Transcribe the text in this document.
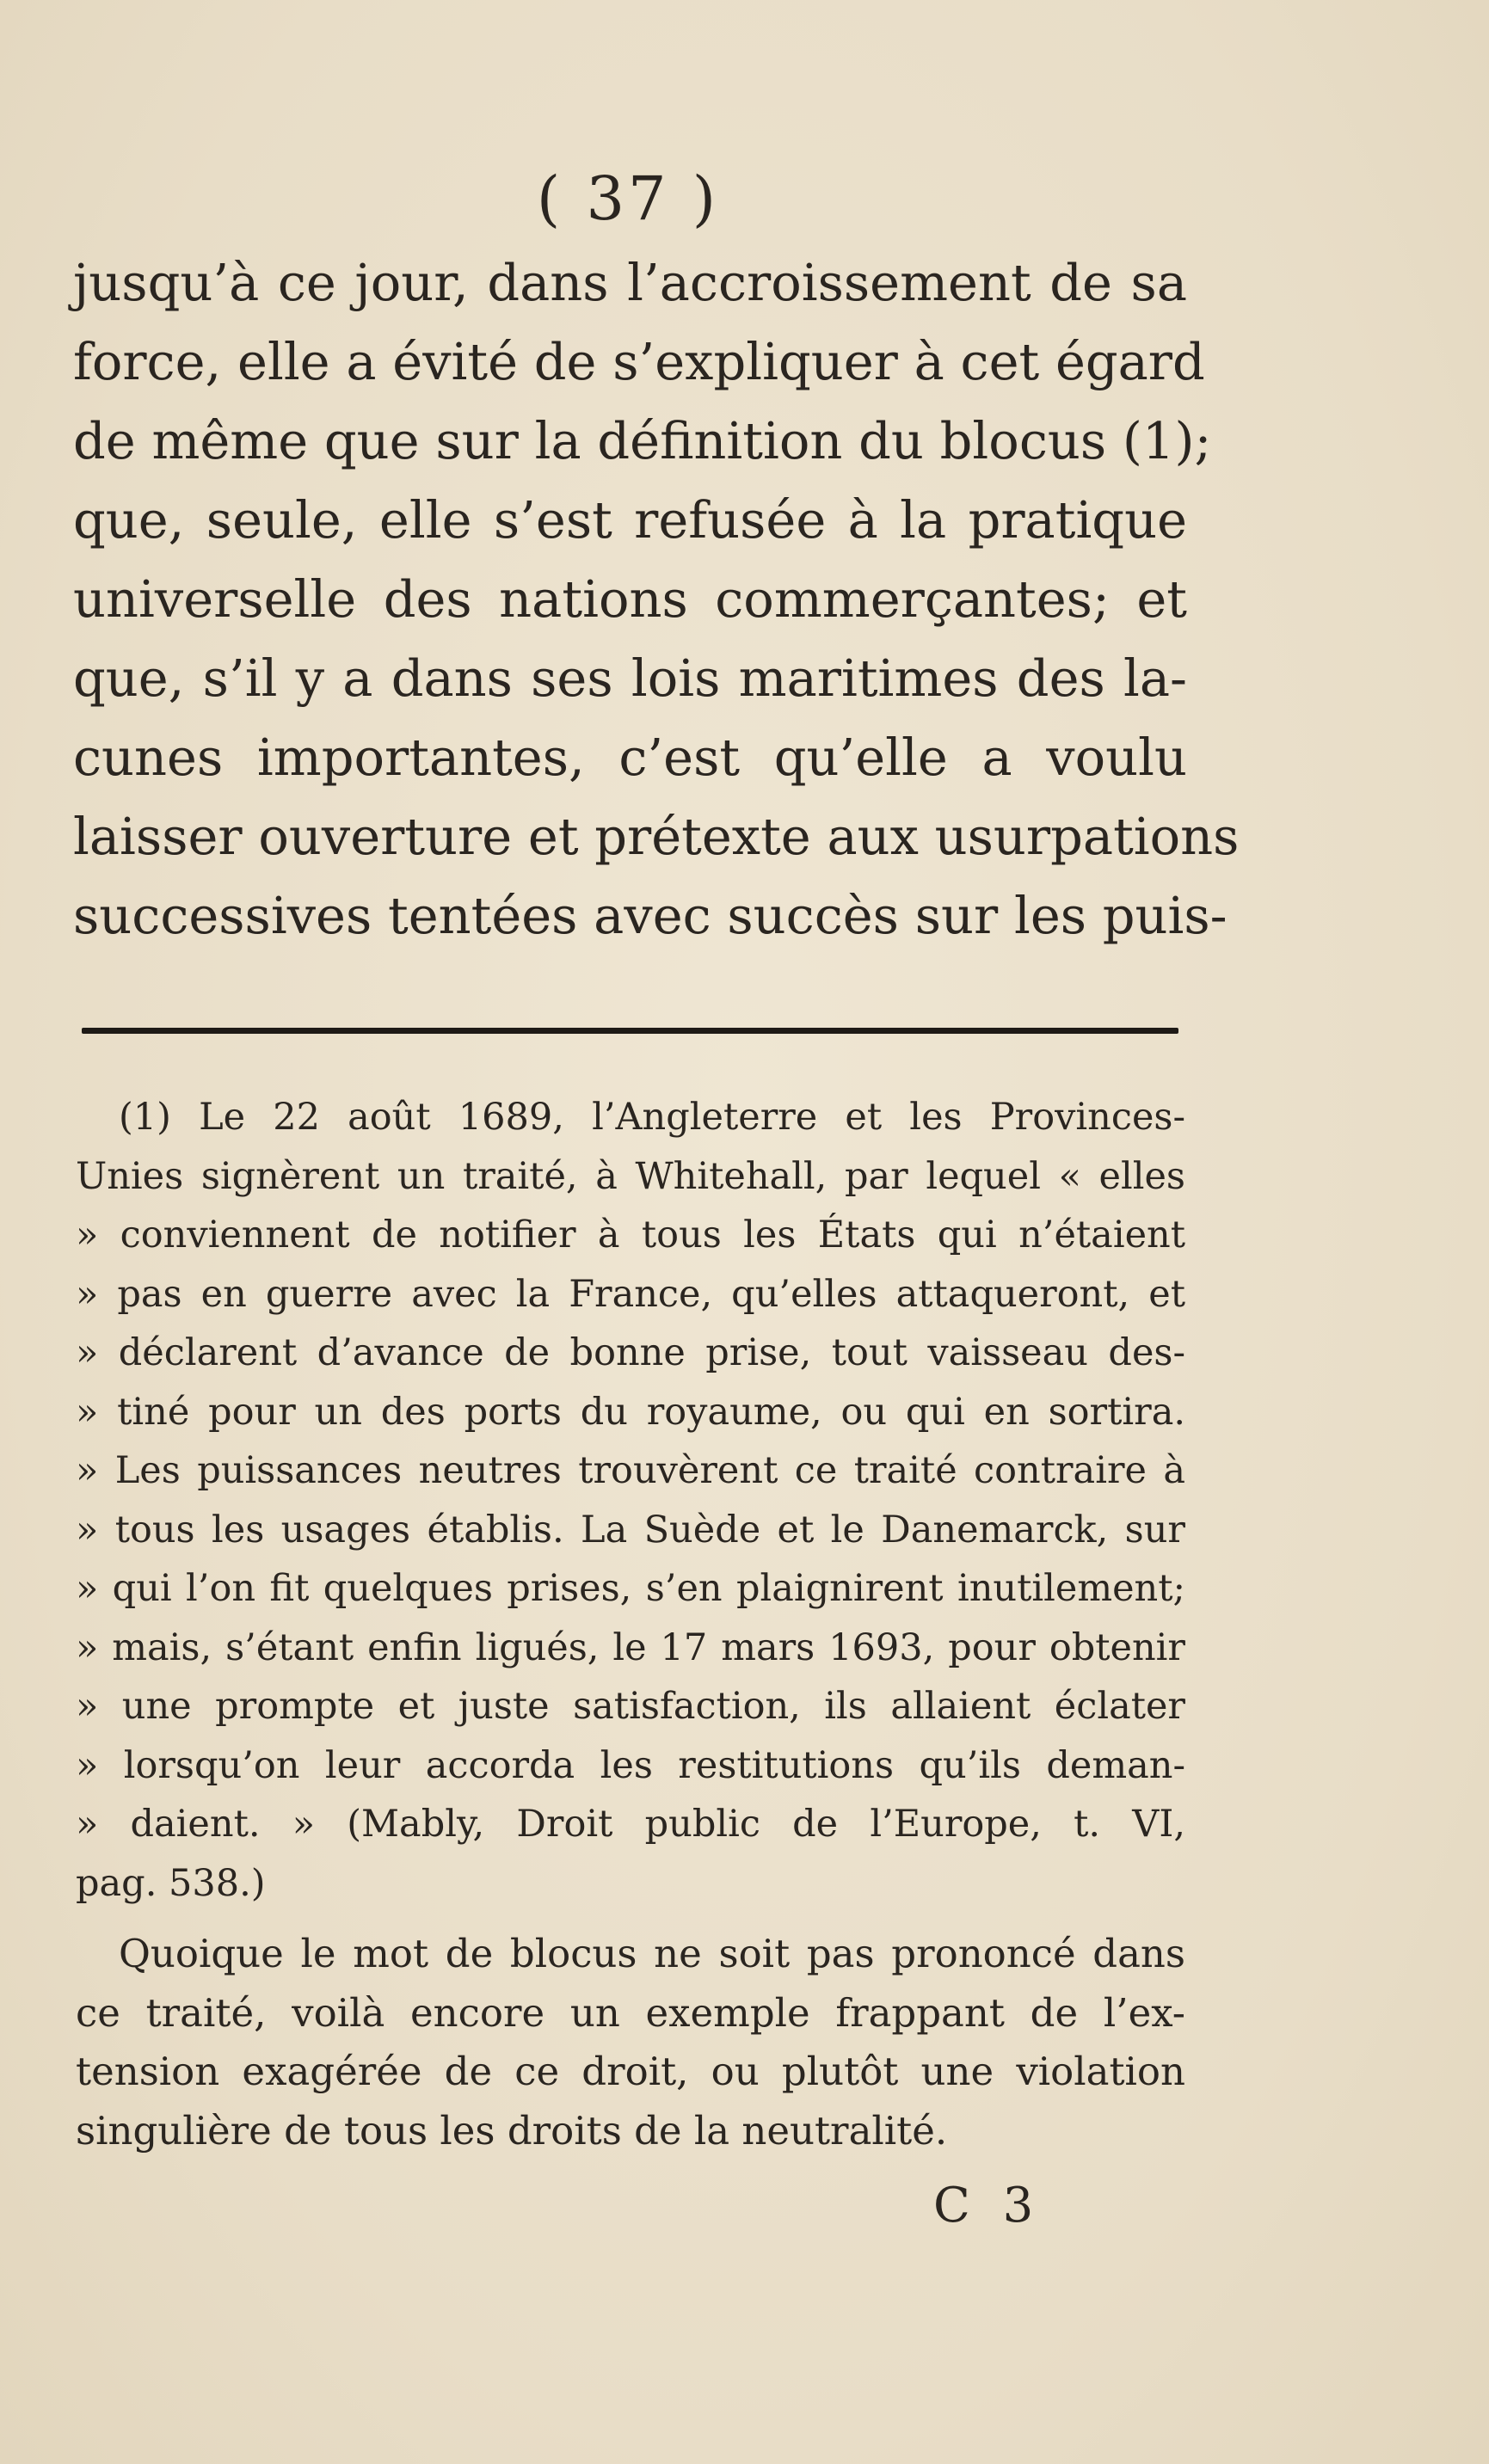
( 37 )
jusqu’à ce jour, dans l’accroissement de sa
force, elle a évité de s’expliquer à cet égard
de même que sur la définition du blocus (1);
que, seule, elle s’est refusée à la pratique
universelle des nations commerçantes; et
que, s’il y a dans ses lois maritimes des la-
cunes importantes, c’est qu’elle a voulu
laisser ouverture et prétexte aux usurpations
successives tentées avec succès sur les puis-
(1) Le 22 août 1689, l’Angleterre et les Provinces-
Unies signèrent un traité, à Whitehall, par lequel « elles
» conviennent de notifier à tous les États qui n’étaient
» pas en guerre avec la France, qu’elles attaqueront, et
» déclarent d’avance de bonne prise, tout vaisseau des-
» tiné pour un des ports du royaume, ou qui en sortira.
» Les puissances neutres trouvèrent ce traité contraire à
» tous les usages établis. La Suède et le Danemarck, sur
» qui l’on fit quelques prises, s’en plaignirent inutilement;
» mais, s’étant enfin ligués, le 17 mars 1693, pour obtenir
» une prompte et juste satisfaction, ils allaient éclater
» lorsqu’on leur accorda les restitutions qu’ils deman-
» daient. » (Mably, Droit public de l’Europe, t. VI,
pag. 538.)
Quoique le mot de blocus ne soit pas prononcé dans
ce traité, voilà encore un exemple frappant de l’ex-
tension exagérée de ce droit, ou plutôt une violation
singulière de tous les droits de la neutralité.
C 3
